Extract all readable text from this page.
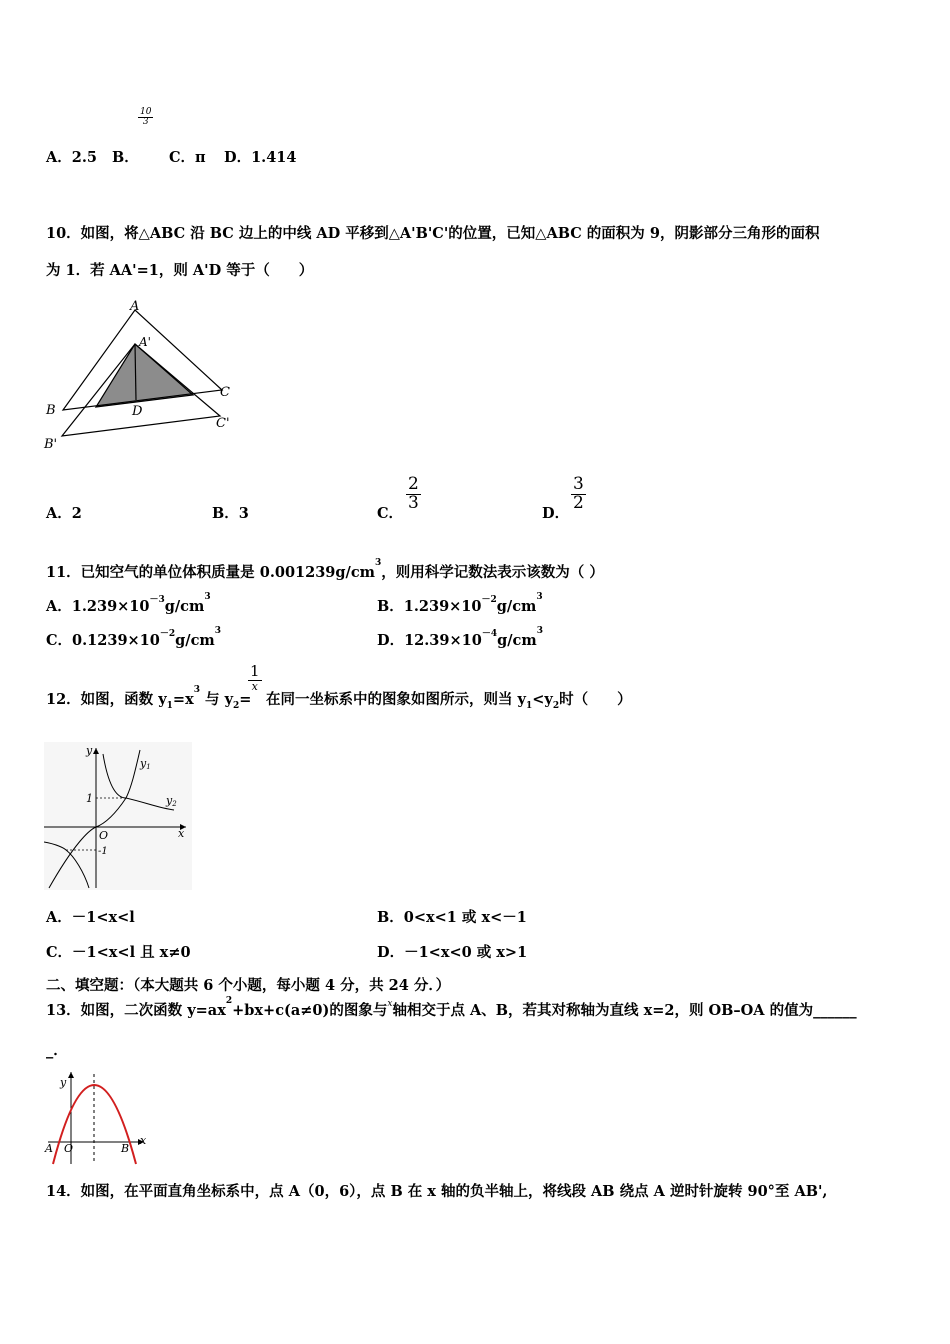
A．2.5 B．
$\frac{10}{3}$
C．π D．1.414
10．如图，将△ABC 沿 BC 边上的中线 AD 平移到△A'B'C'的位置，已知△ABC 的面积为 9，阴影部分三角形的面积
为 1．若 AA'=1，则 A'D 等于（　　）
A
A'
B
B'
C
C'
D
A．2	B．3	C．
$\frac{2}{3}$
D．
$\frac{3}{2}$
11．已知空气的单位体积质量是 $0.001239g/cm^3$，则用科学记数法表示该数为（ ）
A．$1.239\times 10^{-3}g/cm^3$
B．$1.239\times 10^{-2}g/cm^3$
C．$0.1239\times 10^{-2}g/cm^3$
D．$12.39\times 10^{-4}g/cm^3$
12．如图，函数 $y_1=x^3$ 与 $y_2=$
$\frac{1}{x}$
在同一坐标系中的图象如图所示，则当 $y_1<y_2$时（　　）
y
y1
y2
1
-1
O	x
A．－1<x<l	B．0<x<1 或 x<－1
C．－1<x<l 且 x≠0	D．－1<x<0 或 x>1
二、填空题：（本大题共 6 个小题，每小题 4 分，共 24 分．）
13．如图，二次函数 $y=ax^2+bx+c(a\ne 0)$的图象与$^x$轴相交于点 A、B，若其对称轴为直线 x=2，则 OB–OA 的值为______
_．
y
A O	B
x
14．如图，在平面直角坐标系中，点 A（0，6），点 B 在 x 轴的负半轴上，将线段 AB 绕点 A 逆时针旋转 90°至 AB',
